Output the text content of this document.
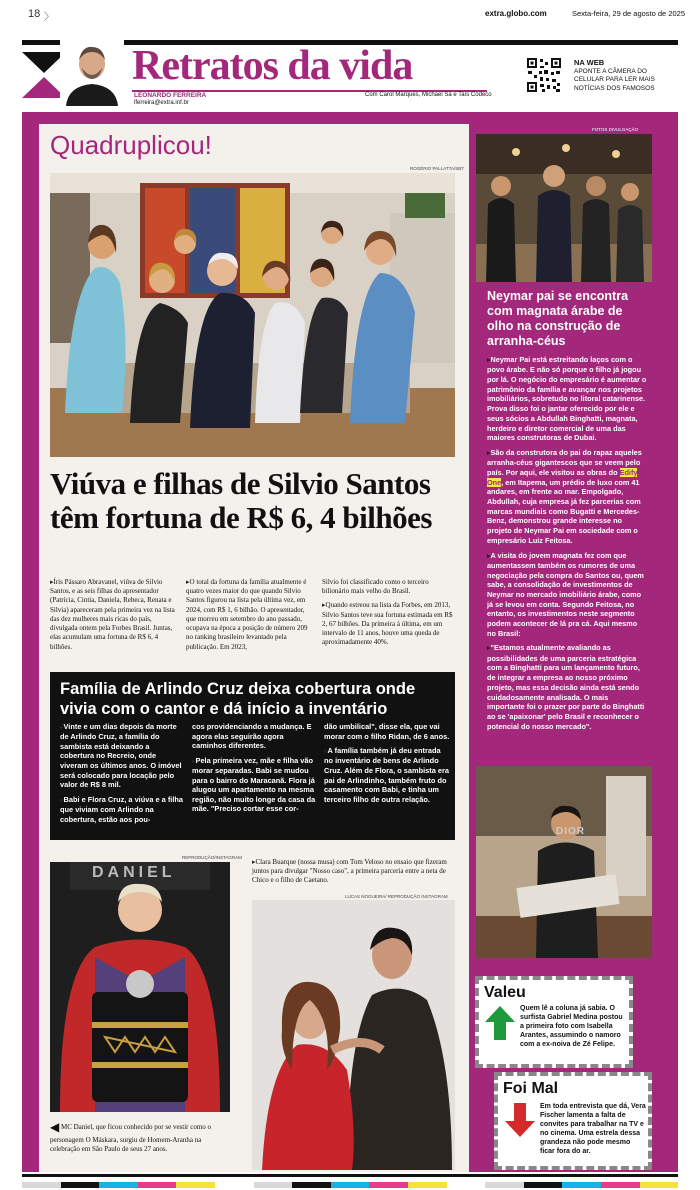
18 〉	extra.globo.com	Sexta-feira, 29 de agosto de 2025
Retratos da vida
LEONARDO FERREIRA
lferreira@extra.inf.br
Com Carol Marques, Michael Sá e Taís Codeco
NA WEB
APONTE A CÂMERA DO CELULAR PARA LER MAIS NOTÍCIAS DOS FAMOSOS
Quadruplicou!
ROGÉRIO PALLATTA/SBT
Viúva e filhas de Silvio Santos têm fortuna de R$ 6, 4 bilhões

▸ Íris Pássaro Abravanel, viúva de Silvio Santos, e as seis filhas do apresentador (Patrícia, Cintia, Daniela, Rebeca, Renata e Silvia) apareceram pela primeira vez na lista das dez mulheres mais ricas do país, divulgada ontem pela Forbes Brasil. Juntas, elas acumulam uma fortuna de R$ 6, 4 bilhões.

▸ O total da fortuna da família atualmente é quatro vezes maior do que quando Silvio Santos figurou na lista pela última vez, em 2024, com R$ 1, 6 bilhão. O apresentador, que morreu em setembro do ano passado, ocupava na época a posição de número 209 no ranking brasileiro levantado pela publicação. Em 2023,

Silvio foi classificado como o terceiro bilionário mais velho do Brasil.

▸ Quando estreou na lista da Forbes, em 2013, Silvio Santos teve sua fortuna estimada em R$ 2, 67 bilhões. Da primeira à última, em um intervalo de 11 anos, houve uma queda de aproximadamente 40%.

Família de Arlindo Cruz deixa cobertura onde vivia com o cantor e dá início a inventário

▸ Vinte e um dias depois da morte de Arlindo Cruz, a família do sambista está deixando a cobertura no Recreio, onde viveram os últimos anos. O imóvel será colocado para locação pelo valor de R$ 8 mil.

▸ Babi e Flora Cruz, a viúva e a filha que viviam com Arlindo na cobertura, estão aos pou-

cos providenciando a mudança. E agora elas seguirão agora caminhos diferentes.

▸ Pela primeira vez, mãe e filha vão morar separadas. Babi se mudou para o bairro do Maracanã. Flora já alugou um apartamento na mesma região, não muito longe da casa da mãe. "Preciso cortar esse cor-

dão umbilical", disse ela, que vai morar com o filho Ridan, de 6 anos.

▸ A família também já deu entrada no inventário de bens de Arlindo Cruz. Além de Flora, o sambista era pai de Arlindinho, também fruto do casamento com Babi, e tinha um terceiro filho de outra relação.

REPRODUÇÃO/INSTAGRAM
DANIEL
◀ MC Daniel, que ficou conhecido por se vestir como o personagem O Máskara, surgiu de Homem-Aranha na celebração em São Paulo de seus 27 anos.
▸ Clara Buarque (nossa musa) com Tom Veloso no ensaio que fizeram juntos para divulgar "Nosso caso", a primeira parceria entre a neta de Chico e o filho de Caetano.
LUCAS NOGUEIRA/ REPRODUÇÃO INSTAGRAM
FOTOS DIVULGAÇÃO
Neymar pai se encontra com magnata árabe de olho na construção de arranha-céus

▸ Neymar Pai está estreitando laços com o povo árabe. E não só porque o filho já jogou por lá. O negócio do empresário é aumentar o patrimônio da família e avançar nos projetos imobiliários, sobretudo no litoral catarinense. Prova disso foi o jantar oferecido por ele e seus sócios a Abdullah Binghatti, magnata, herdeiro e diretor comercial de uma das maiores construtoras de Dubai.

▸ São da construtora do pai do rapaz aqueles arranha-céus gigantescos que se veem pelo país. Por aqui, ele visitou as obras do Edify One, em Itapema, um prédio de luxo com 41 andares, em frente ao mar. Empolgado, Abdullah, cuja empresa já fez parcerias com marcas mundiais como Bugatti e Mercedes-Benz, demonstrou grande interesse no projeto de Neymar Pai em sociedade com o empresário Luiz Feitosa.

▸ A visita do jovem magnata fez com que aumentassem também os rumores de uma negociação pela compra do Santos ou, quem sabe, a consolidação de investimentos de Neymar no mercado imobiliário árabe, como já se levou em conta. Segundo Feitosa, no entanto, os investimentos neste segmento podem acontecer de lá pra cá. Aqui mesmo no Brasil:

▸ "Estamos atualmente avaliando as possibilidades de uma parceria estratégica com a Binghatti para um lançamento futuro, de integrar a empresa ao nosso próximo projeto, mas essa decisão ainda está sendo cuidadosamente analisada. O mais importante foi o prazer por parte do Binghatti ao se 'apaixonar' pelo Brasil e reconhecer o potencial do nosso mercado".

DIOR
Valeu
Quem lê a coluna já sabia. O surfista Gabriel Medina postou a primeira foto com Isabella Arantes, assumindo o namoro com a ex-noiva de Zé Felipe.
Foi Mal
Em toda entrevista que dá, Vera Fischer lamenta a falta de convites para trabalhar na TV e no cinema. Uma estrela dessa grandeza não pode mesmo ficar fora do ar.
